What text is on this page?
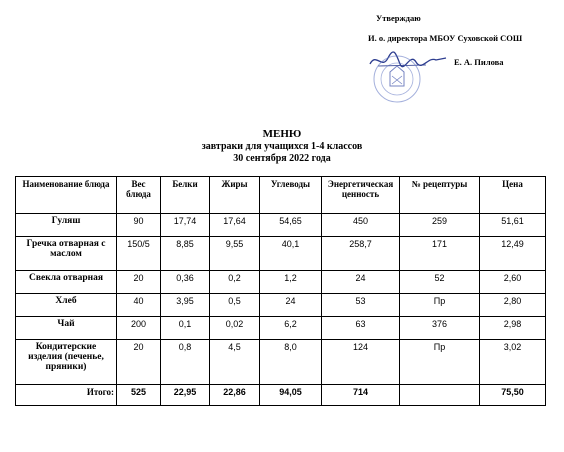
Утверждаю
И. о. директора МБОУ Суховской СОШ
Е. А. Пилова
МЕНЮ
завтраки для учащихся 1-4 классов
30 сентября 2022 года
Наименование блюда	Вес блюда	Белки	Жиры	Углеводы	Энергетическая ценность	№ рецептуры	Цена
Гуляш	90	17,74	17,64	54,65	450	259	51,61
Гречка отварная с маслом	150/5	8,85	9,55	40,1	258,7	171	12,49
Свекла отварная	20	0,36	0,2	1,2	24	52	2,60
Хлеб	40	3,95	0,5	24	53	Пр	2,80
Чай	200	0,1	0,02	6,2	63	376	2,98
Кондитерские изделия (печенье, пряники)	20	0,8	4,5	8,0	124	Пр	3,02
Итого:	525	22,95	22,86	94,05	714		75,50
